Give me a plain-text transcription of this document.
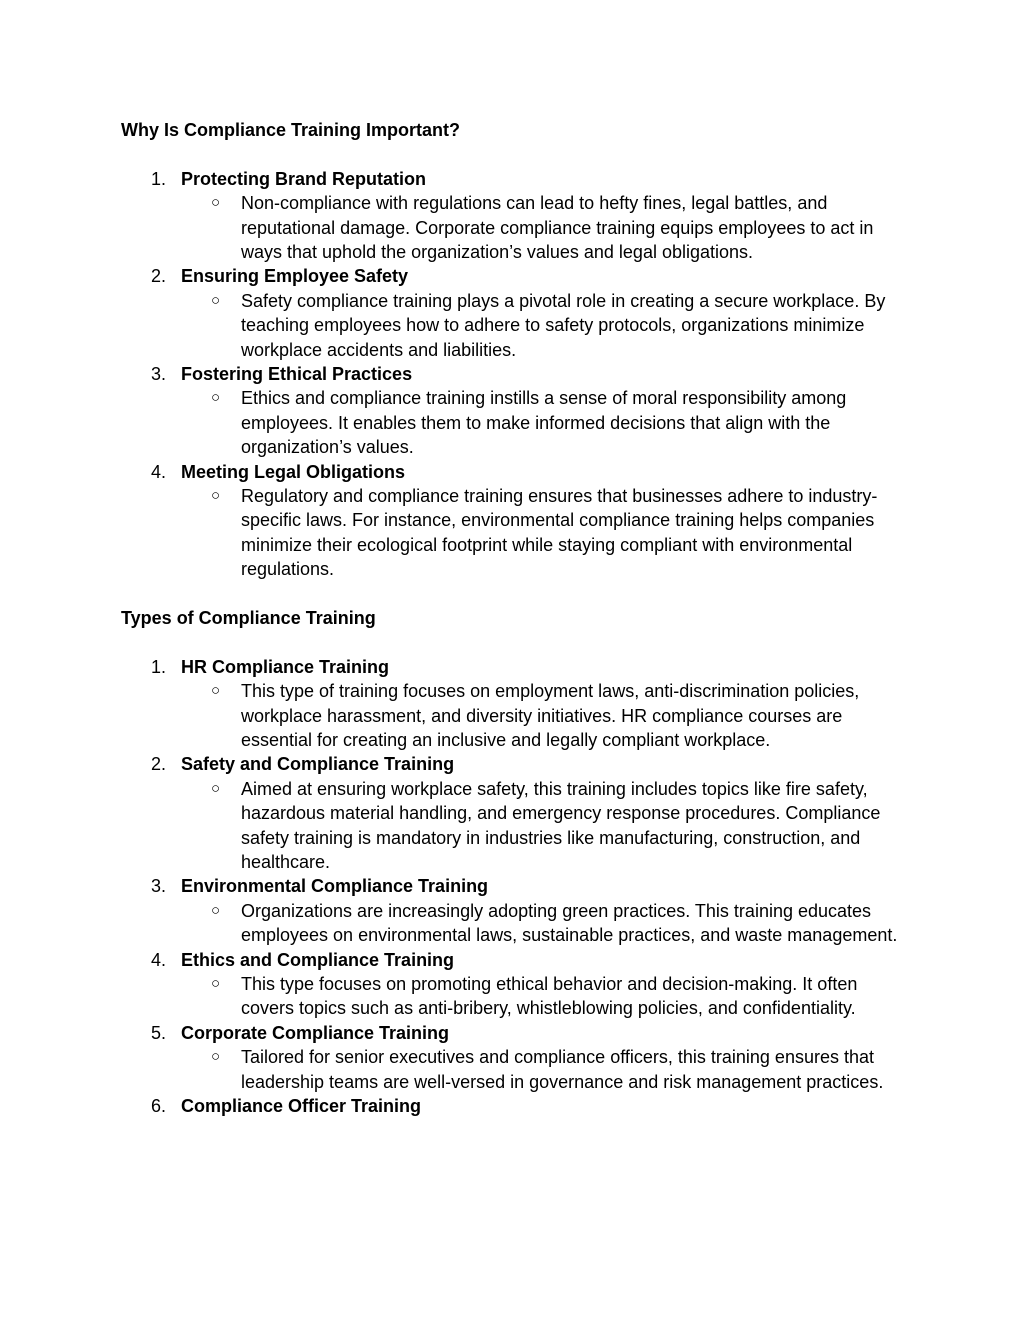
Why Is Compliance Training Important?

1. Protecting Brand Reputation
○ Non-compliance with regulations can lead to hefty fines, legal battles, and reputational damage. Corporate compliance training equips employees to act in ways that uphold the organization’s values and legal obligations.
2. Ensuring Employee Safety
○ Safety compliance training plays a pivotal role in creating a secure workplace. By teaching employees how to adhere to safety protocols, organizations minimize workplace accidents and liabilities.
3. Fostering Ethical Practices
○ Ethics and compliance training instills a sense of moral responsibility among employees. It enables them to make informed decisions that align with the organization’s values.
4. Meeting Legal Obligations
○ Regulatory and compliance training ensures that businesses adhere to industry-specific laws. For instance, environmental compliance training helps companies minimize their ecological footprint while staying compliant with environmental regulations.

Types of Compliance Training

1. HR Compliance Training
○ This type of training focuses on employment laws, anti-discrimination policies, workplace harassment, and diversity initiatives. HR compliance courses are essential for creating an inclusive and legally compliant workplace.
2. Safety and Compliance Training
○ Aimed at ensuring workplace safety, this training includes topics like fire safety, hazardous material handling, and emergency response procedures. Compliance safety training is mandatory in industries like manufacturing, construction, and healthcare.
3. Environmental Compliance Training
○ Organizations are increasingly adopting green practices. This training educates employees on environmental laws, sustainable practices, and waste management.
4. Ethics and Compliance Training
○ This type focuses on promoting ethical behavior and decision-making. It often covers topics such as anti-bribery, whistleblowing policies, and confidentiality.
5. Corporate Compliance Training
○ Tailored for senior executives and compliance officers, this training ensures that leadership teams are well-versed in governance and risk management practices.
6. Compliance Officer Training
